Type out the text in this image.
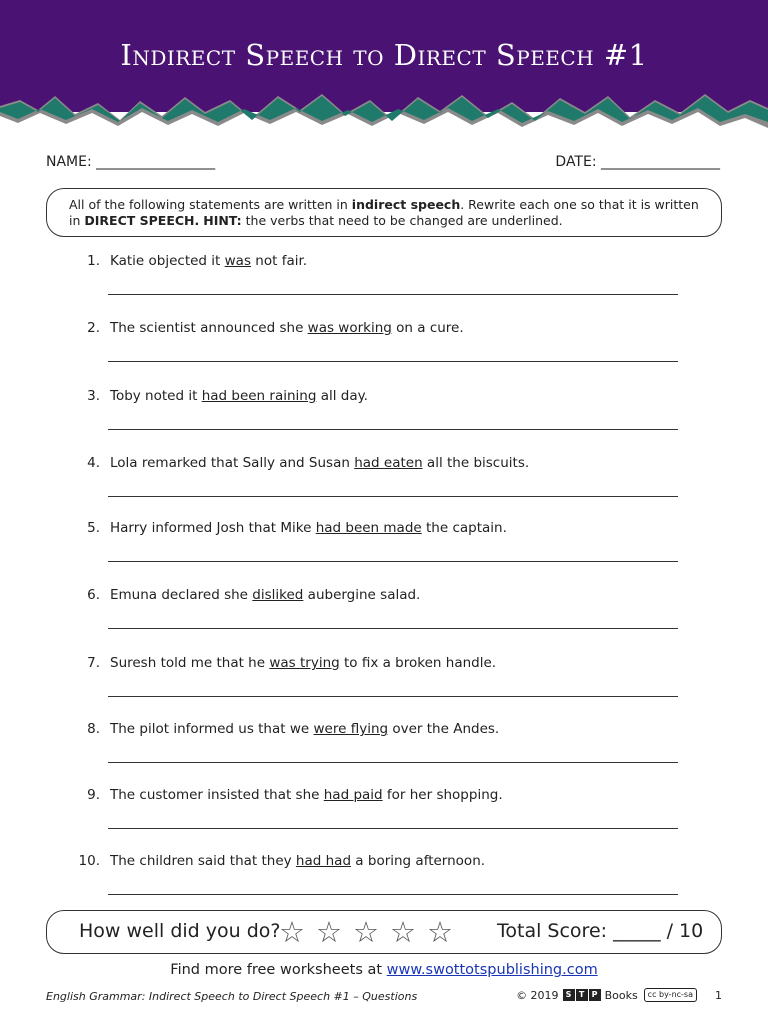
Indirect Speech to Direct Speech #1
NAME: _________________	DATE: _________________
All of the following statements are written in indirect speech. Rewrite each one so that it is written in DIRECT SPEECH. HINT: the verbs that need to be changed are underlined.
1. Katie objected it was not fair.
2. The scientist announced she was working on a cure.
3. Toby noted it had been raining all day.
4. Lola remarked that Sally and Susan had eaten all the biscuits.
5. Harry informed Josh that Mike had been made the captain.
6. Emuna declared she disliked aubergine salad.
7. Suresh told me that he was trying to fix a broken handle.
8. The pilot informed us that we were flying over the Andes.
9. The customer insisted that she had paid for her shopping.
10. The children said that they had had a boring afternoon.
How well did you do?
☆ ☆ ☆ ☆ ☆ Total Score: _____ / 10
Find more free worksheets at www.swottotspublishing.com
English Grammar: Indirect Speech to Direct Speech #1 – Questions	© 2019 S T P Books	cc by-nc-sa	1
